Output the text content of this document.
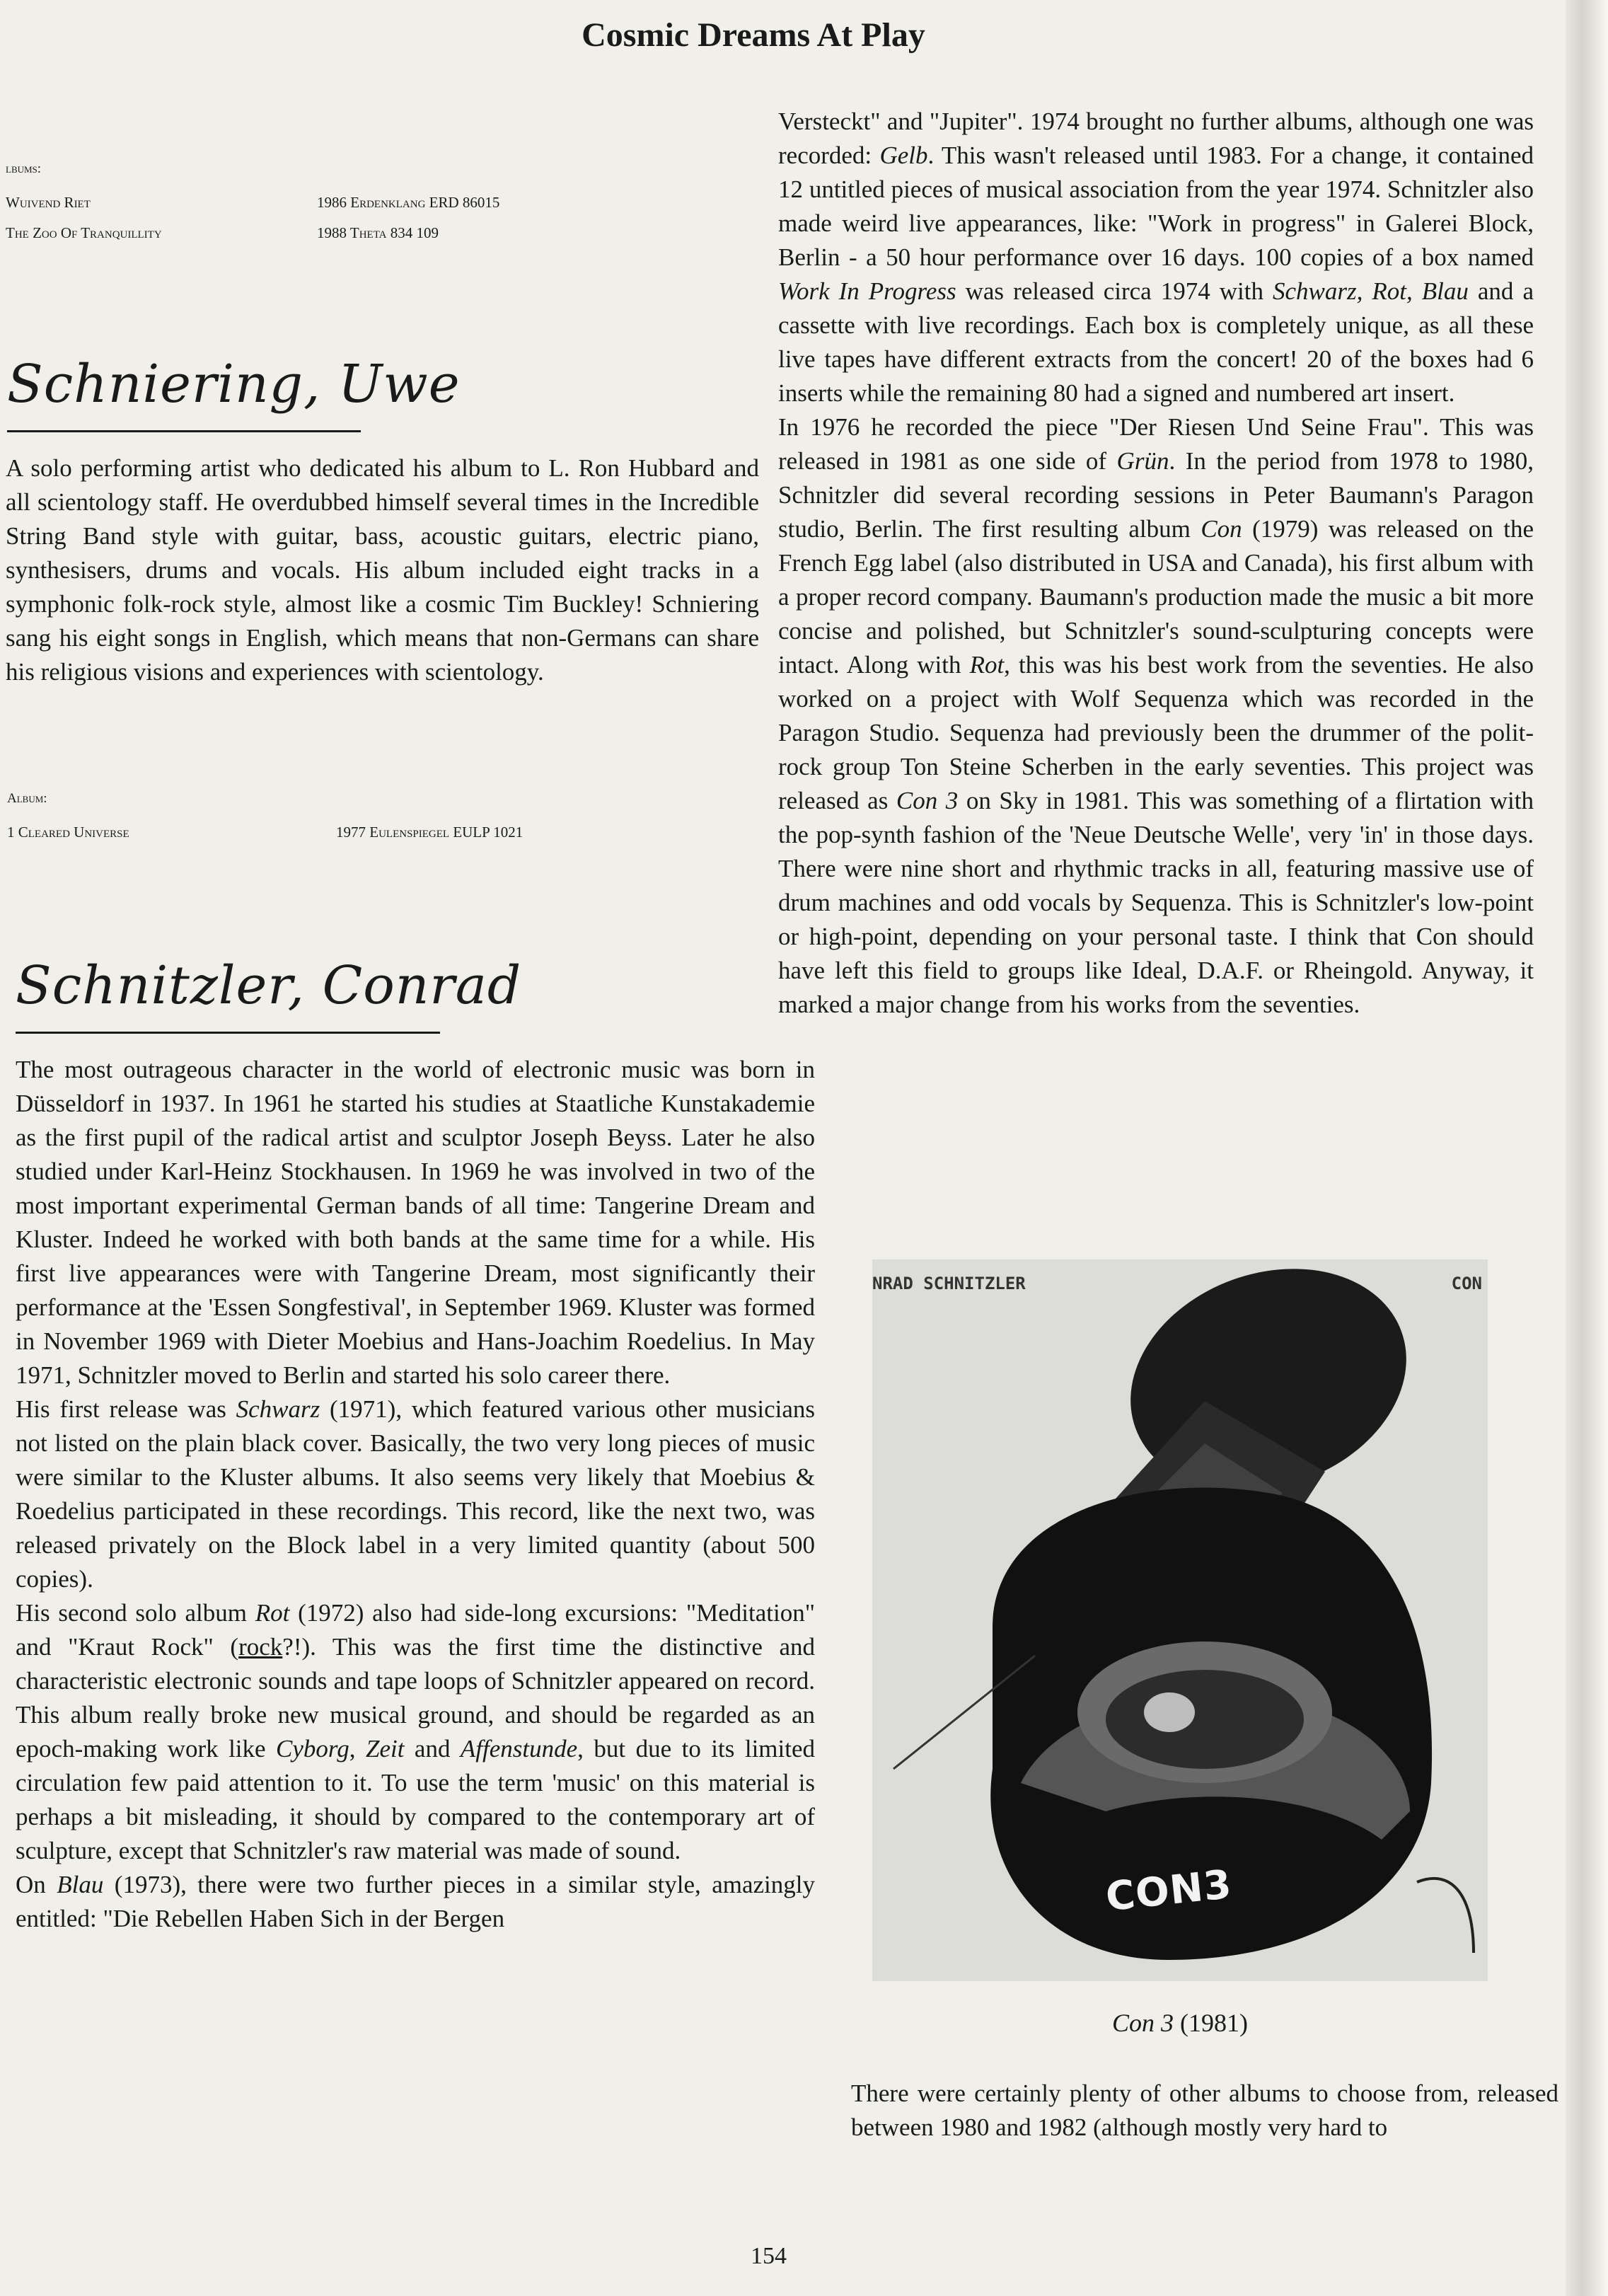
Cosmic Dreams At Play
lbums:
Wuivend Riet	1986 Erdenklang ERD 86015
The Zoo Of Tranquillity	1988 Theta 834 109
Schniering, Uwe

A solo performing artist who dedicated his album to L. Ron Hubbard and all scientology staff. He overdubbed himself several times in the Incredible String Band style with guitar, bass, acoustic guitars, electric piano, synthesisers, drums and vocals. His album included eight tracks in a symphonic folk-rock style, almost like a cosmic Tim Buckley! Schniering sang his eight songs in English, which means that non-Germans can share his religious visions and experiences with scientology.

Album:
1 Cleared Universe	1977 Eulenspiegel EULP 1021
Schnitzler, Conrad

The most outrageous character in the world of electronic music was born in Düsseldorf in 1937. In 1961 he started his studies at Staatliche Kunstakademie as the first pupil of the radical artist and sculptor Joseph Beyss. Later he also studied under Karl-Heinz Stockhausen. In 1969 he was involved in two of the most important experimental German bands of all time: Tangerine Dream and Kluster. Indeed he worked with both bands at the same time for a while. His first live appearances were with Tangerine Dream, most significantly their performance at the 'Essen Songfestival', in September 1969. Kluster was formed in November 1969 with Dieter Moebius and Hans-Joachim Roedelius. In May 1971, Schnitzler moved to Berlin and started his solo career there.

His first release was Schwarz (1971), which featured various other musicians not listed on the plain black cover. Basically, the two very long pieces of music were similar to the Kluster albums. It also seems very likely that Moebius & Roedelius participated in these recordings. This record, like the next two, was released privately on the Block label in a very limited quantity (about 500 copies).

His second solo album Rot (1972) also had side-long excursions: "Meditation" and "Kraut Rock" (rock?!). This was the first time the distinctive and characteristic electronic sounds and tape loops of Schnitzler appeared on record. This album really broke new musical ground, and should be regarded as an epoch-making work like Cyborg, Zeit and Affenstunde, but due to its limited circulation few paid attention to it. To use the term 'music' on this material is perhaps a bit misleading, it should by compared to the contemporary art of sculpture, except that Schnitzler's raw material was made of sound.

On Blau (1973), there were two further pieces in a similar style, amazingly entitled: "Die Rebellen Haben Sich in der Bergen

Versteckt" and "Jupiter". 1974 brought no further albums, although one was recorded: Gelb. This wasn't released until 1983. For a change, it contained 12 untitled pieces of musical association from the year 1974. Schnitzler also made weird live appearances, like: "Work in progress" in Galerei Block, Berlin - a 50 hour performance over 16 days. 100 copies of a box named Work In Progress was released circa 1974 with Schwarz, Rot, Blau and a cassette with live recordings. Each box is completely unique, as all these live tapes have different extracts from the concert! 20 of the boxes had 6 inserts while the remaining 80 had a signed and numbered art insert.

In 1976 he recorded the piece "Der Riesen Und Seine Frau". This was released in 1981 as one side of Grün. In the period from 1978 to 1980, Schnitzler did several recording sessions in Peter Baumann's Paragon studio, Berlin. The first resulting album Con (1979) was released on the French Egg label (also distributed in USA and Canada), his first album with a proper record company. Baumann's production made the music a bit more concise and polished, but Schnitzler's sound-sculpturing concepts were intact. Along with Rot, this was his best work from the seventies. He also worked on a project with Wolf Sequenza which was recorded in the Paragon Studio. Sequenza had previously been the drummer of the polit-rock group Ton Steine Scherben in the early seventies. This project was released as Con 3 on Sky in 1981. This was something of a flirtation with the pop-synth fashion of the 'Neue Deutsche Welle', very 'in' in those days. There were nine short and rhythmic tracks in all, featuring massive use of drum machines and odd vocals by Sequenza. This is Schnitzler's low-point or high-point, depending on your personal taste. I think that Con should have left this field to groups like Ideal, D.A.F. or Rheingold. Anyway, it marked a major change from his works from the seventies.

NRAD SCHNITZLER	CON
CON3
Con 3 (1981)

There were certainly plenty of other albums to choose from, released between 1980 and 1982 (although mostly very hard to

154
